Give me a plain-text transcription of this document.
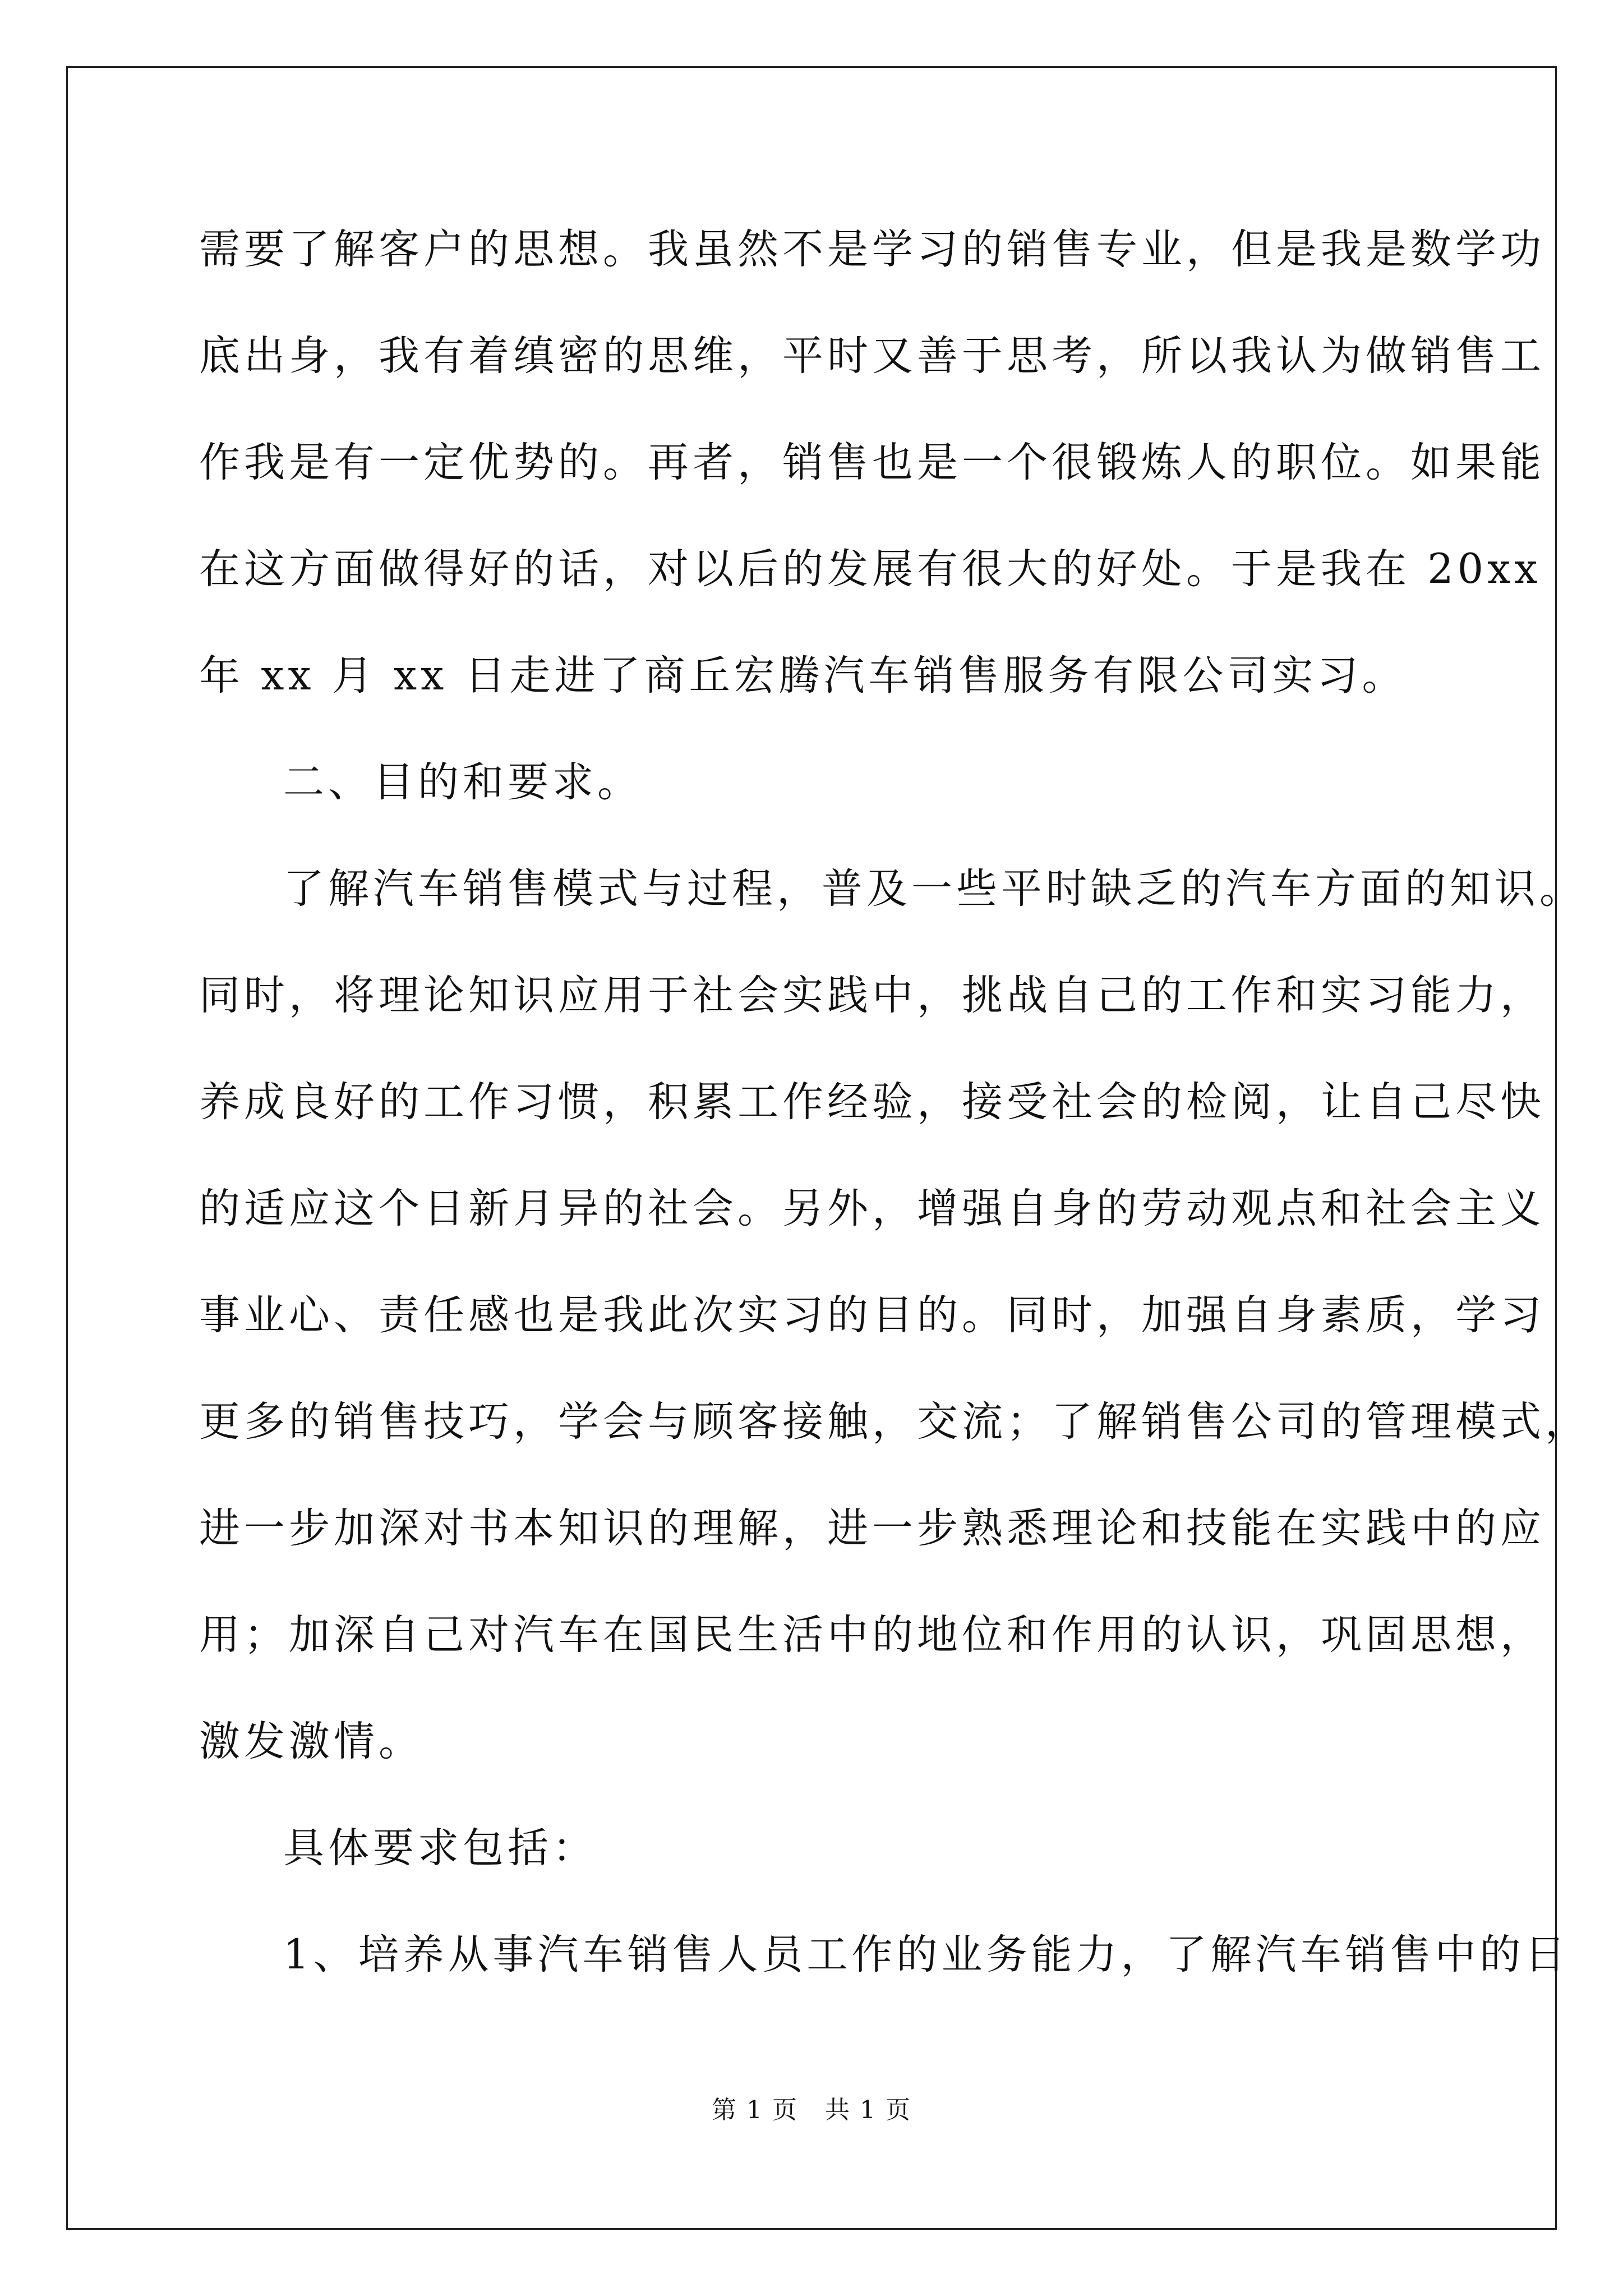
需要了解客户的思想。我虽然不是学习的销售专业，但是我是数学功
底出身，我有着缜密的思维，平时又善于思考，所以我认为做销售工
作我是有一定优势的。再者，销售也是一个很锻炼人的职位。如果能
在这方面做得好的话，对以后的发展有很大的好处。于是我在 20xx
年 xx 月 xx 日走进了商丘宏腾汽车销售服务有限公司实习。
二、目的和要求。
了解汽车销售模式与过程，普及一些平时缺乏的汽车方面的知识。
同时，将理论知识应用于社会实践中，挑战自己的工作和实习能力，
养成良好的工作习惯，积累工作经验，接受社会的检阅，让自己尽快
的适应这个日新月异的社会。另外，增强自身的劳动观点和社会主义
事业心、责任感也是我此次实习的目的。同时，加强自身素质，学习
更多的销售技巧，学会与顾客接触，交流；了解销售公司的管理模式，
进一步加深对书本知识的理解，进一步熟悉理论和技能在实践中的应
用；加深自己对汽车在国民生活中的地位和作用的认识，巩固思想，
激发激情。
具体要求包括：
1、培养从事汽车销售人员工作的业务能力，了解汽车销售中的日
第 1 页   共 1 页
